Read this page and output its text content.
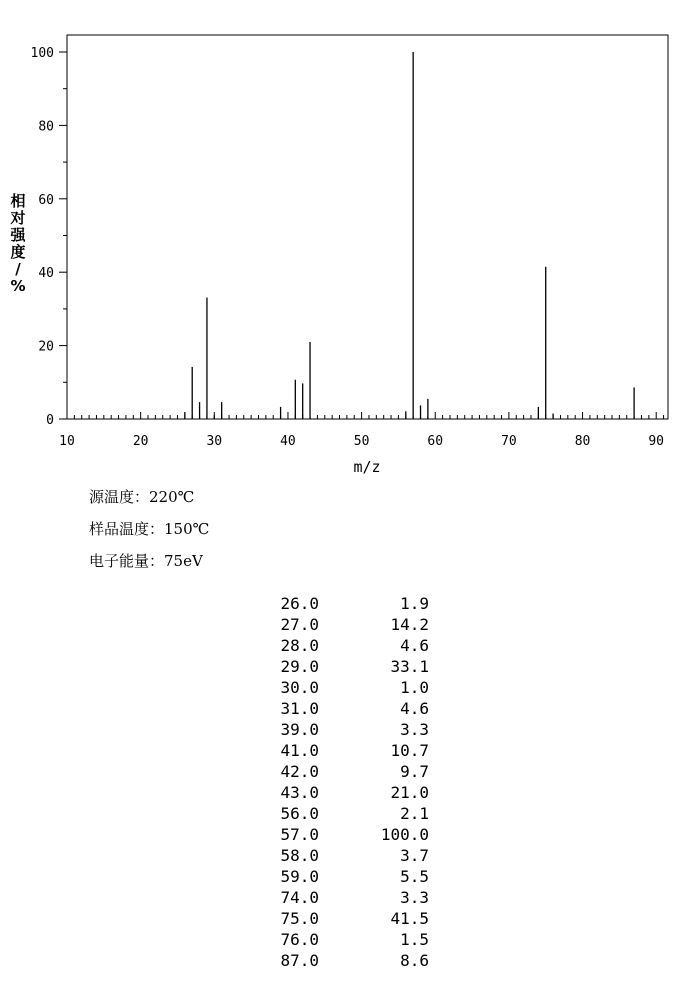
10	20	30	40	50	60	70	80	90
0
20
40
60
80
100
m/z
相对强度/ %
源温度：220℃
样品温度：150℃
电子能量：75eV
26.0	1.9
27.0	14.2
28.0	4.6
29.0	33.1
30.0	1.0
31.0	4.6
39.0	3.3
41.0	10.7
42.0	9.7
43.0	21.0
56.0	2.1
57.0	100.0
58.0	3.7
59.0	5.5
74.0	3.3
75.0	41.5
76.0	1.5
87.0	8.6
